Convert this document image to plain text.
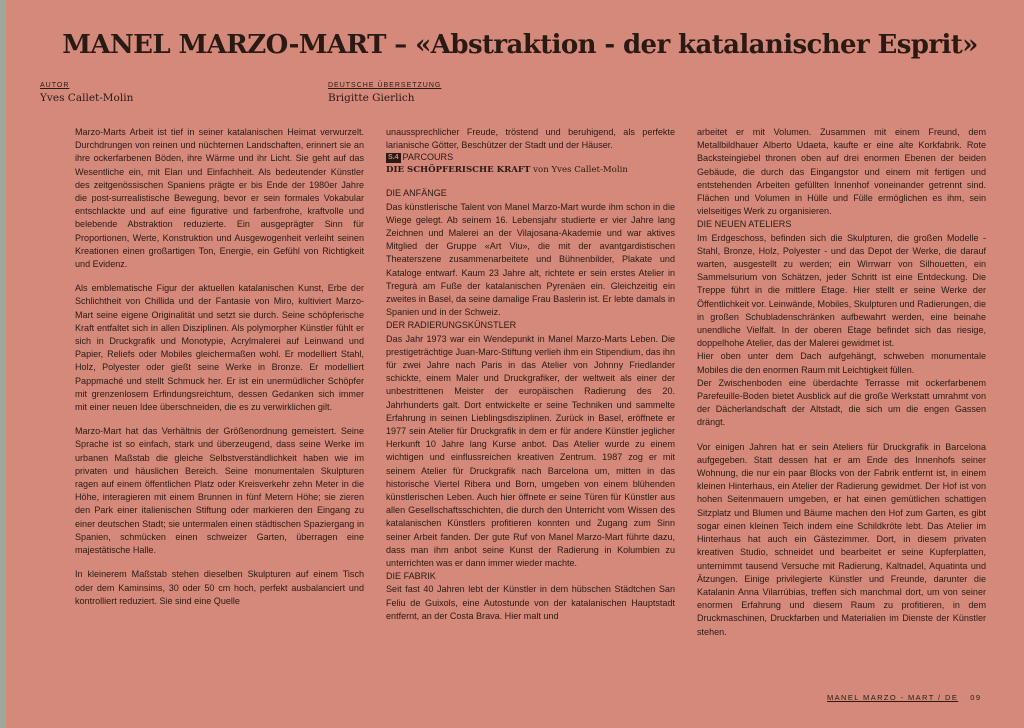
MANEL MARZO-MART – «Abstraktion - der katalanischer Esprit»
AUTOR
Yves Callet-Molin
DEUTSCHE ÜBERSETZUNG
Brigitte Gierlich

Marzo-Marts Arbeit ist tief in seiner katalanischen Heimat verwurzelt. Durchdrungen von reinen und nüchternen Landschaften, erinnert sie an ihre ockerfarbenen Böden, ihre Wärme und ihr Licht. Sie geht auf das Wesentliche ein, mit Elan und Einfachheit. Als bedeutender Künstler des zeitgenössischen Spaniens prägte er bis Ende der 1980er Jahre die post-surrealistische Bewegung, bevor er sein formales Vokabular entschlackte und auf eine figurative und farbenfrohe, kraftvolle und belebende Abstraktion reduzierte. Ein ausgeprägter Sinn für Proportionen, Werte, Konstruktion und Ausgewogenheit verleiht seinen Kreationen einen großartigen Ton, Energie, ein Gefühl von Richtigkeit und Evidenz.

Als emblematische Figur der aktuellen katalanischen Kunst, Erbe der Schlichtheit von Chillida und der Fantasie von Miro, kultiviert Marzo-Mart seine eigene Originalität und setzt sie durch. Seine schöpferische Kraft entfaltet sich in allen Disziplinen. Als polymorpher Künstler fühlt er sich in Druckgrafik und Monotypie, Acrylmalerei auf Leinwand und Papier, Reliefs oder Mobiles gleichermaßen wohl. Er modelliert Stahl, Holz, Polyester oder gießt seine Werke in Bronze. Er modelliert Pappmaché und stellt Schmuck her. Er ist ein unermüdlicher Schöpfer mit grenzenlosem Erfindungsreichtum, dessen Gedanken sich immer mit einer neuen Idee überschneiden, die es zu verwirklichen gilt.

Marzo-Mart hat das Verhältnis der Größenordnung gemeistert. Seine Sprache ist so einfach, stark und überzeugend, dass seine Werke im urbanen Maßstab die gleiche Selbstverständlichkeit haben wie im privaten und häuslichen Bereich. Seine monumentalen Skulpturen ragen auf einem öffentlichen Platz oder Kreisverkehr zehn Meter in die Höhe, interagieren mit einem Brunnen in fünf Metern Höhe; sie zieren den Park einer italienischen Stiftung oder markieren den Eingang zu einer deutschen Stadt; sie untermalen einen städtischen Spaziergang in Spanien, schmücken einen schweizer Garten, überragen eine majestätische Halle.

In kleinerem Maßstab stehen dieselben Skulpturen auf einem Tisch oder dem Kaminsims, 30 oder 50 cm hoch, perfekt ausbalanciert und kontrolliert reduziert. Sie sind eine Quelle

unaussprechlicher Freude, tröstend und beruhigend, als perfekte larianische Götter, Beschützer der Stadt und der Häuser.

S.4 PARCOURS
DIE SCHÖPFERISCHE KRAFT von Yves Callet-Molin
DIE ANFÄNGE

Das künstlerische Talent von Manel Marzo-Mart wurde ihm schon in die Wiege gelegt. Ab seinem 16. Lebensjahr studierte er vier Jahre lang Zeichnen und Malerei an der Vilajosana-Akademie und war aktives Mitglied der Gruppe «Art Viu», die mit der avantgardistischen Theaterszene zusammenarbeitete und Bühnenbilder, Plakate und Kataloge entwarf. Kaum 23 Jahre alt, richtete er sein erstes Atelier in Tregurà am Fuße der katalanischen Pyrenäen ein. Gleichzeitig ein zweites in Basel, da seine damalige Frau Baslerin ist. Er lebte damals in Spanien und in der Schweiz.

DER RADIERUNGSKÜNSTLER

Das Jahr 1973 war ein Wendepunkt in Manel Marzo-Marts Leben. Die prestigeträchtige Juan-Marc-Stiftung verlieh ihm ein Stipendium, das ihn für zwei Jahre nach Paris in das Atelier von Johnny Friedlander schickte, einem Maler und Druckgrafiker, der weltweit als einer der unbestrittenen Meister der europäischen Radierung des 20. Jahrhunderts galt. Dort entwickelte er seine Techniken und sammelte Erfahrung in seinen Lieblingsdisziplinen. Zurück in Basel, eröffnete er 1977 sein Atelier für Druckgrafik in dem er für andere Künstler jeglicher Herkunft 10 Jahre lang Kurse anbot. Das Atelier wurde zu einem wichtigen und einflussreichen kreativen Zentrum. 1987 zog er mit seinem Atelier für Druckgrafik nach Barcelona um, mitten in das historische Viertel Ribera und Born, umgeben von einem blühenden künstlerischen Leben. Auch hier öffnete er seine Türen für Künstler aus allen Gesellschaftsschichten, die durch den Unterricht vom Wissen des katalanischen Künstlers profitieren konnten und Zugang zum Sinn seiner Arbeit fanden. Der gute Ruf von Manel Marzo-Mart führte dazu, dass man ihm anbot seine Kunst der Radierung in Kolumbien zu unterrichten was er dann immer wieder machte.

DIE FABRIK

Seit fast 40 Jahren lebt der Künstler in dem hübschen Städtchen San Feliu de Guixols, eine Autostunde von der katalanischen Hauptstadt entfernt, an der Costa Brava. Hier malt und

arbeitet er mit Volumen. Zusammen mit einem Freund, dem Metallbildhauer Alberto Udaeta, kaufte er eine alte Korkfabrik. Rote Backsteingiebel thronen oben auf drei enormen Ebenen der beiden Gebäude, die durch das Eingangstor und einem mit fertigen und entstehenden Arbeiten gefüllten Innenhof voneinander getrennt sind. Flächen und Volumen in Hülle und Fülle ermöglichen es ihm, sein vielseitiges Werk zu organisieren.

DIE NEUEN ATELIERS

Im Erdgeschoss, befinden sich die Skulpturen, die großen Modelle - Stahl, Bronze, Holz, Polyester - und das Depot der Werke, die darauf warten, ausgestellt zu werden; ein Wirrwarr von Silhouetten, ein Sammelsurium von Schätzen, jeder Schritt ist eine Entdeckung. Die Treppe führt in die mittlere Etage. Hier stellt er seine Werke der Öffentlichkeit vor. Leinwände, Mobiles, Skulpturen und Radierungen, die in großen Schubladenschränken aufbewahrt werden, eine beinahe unendliche Vielfalt. In der oberen Etage befindet sich das riesige, doppelhohe Atelier, das der Malerei gewidmet ist.

Hier oben unter dem Dach aufgehängt, schweben monumentale Mobiles die den enormen Raum mit Leichtigkeit füllen.

Der Zwischenboden eine überdachte Terrasse mit ockerfarbenem Parefeuille-Boden bietet Ausblick auf die große Werkstatt umrahmt von der Dächerlandschaft der Altstadt, die sich um die engen Gassen drängt.

Vor einigen Jahren hat er sein Ateliers für Druckgrafik in Barcelona aufgegeben. Statt dessen hat er am Ende des Innenhofs seiner Wohnung, die nur ein paar Blocks von der Fabrik entfernt ist, in einem kleinen Hinterhaus, ein Atelier der Radierung gewidmet. Der Hof ist von hohen Seitenmauern umgeben, er hat einen gemütlichen schattigen Sitzplatz und Blumen und Bäume machen den Hof zum Garten, es gibt sogar einen kleinen Teich indem eine Schildkröte lebt. Das Atelier im Hinterhaus hat auch ein Gästezimmer. Dort, in diesem privaten kreativen Studio, schneidet und bearbeitet er seine Kupferplatten, unternimmt tausend Versuche mit Radierung, Kaltnadel, Aquatinta und Ätzungen. Einige privilegierte Künstler und Freunde, darunter die Katalanin Anna Vilarrúbias, treffen sich manchmal dort, um von seiner enormen Erfahrung und diesem Raum zu profitieren, in dem Druckmaschinen, Druckfarben und Materialien im Dienste der Künstler stehen.

MANEL MARZO - MART / DE 09
